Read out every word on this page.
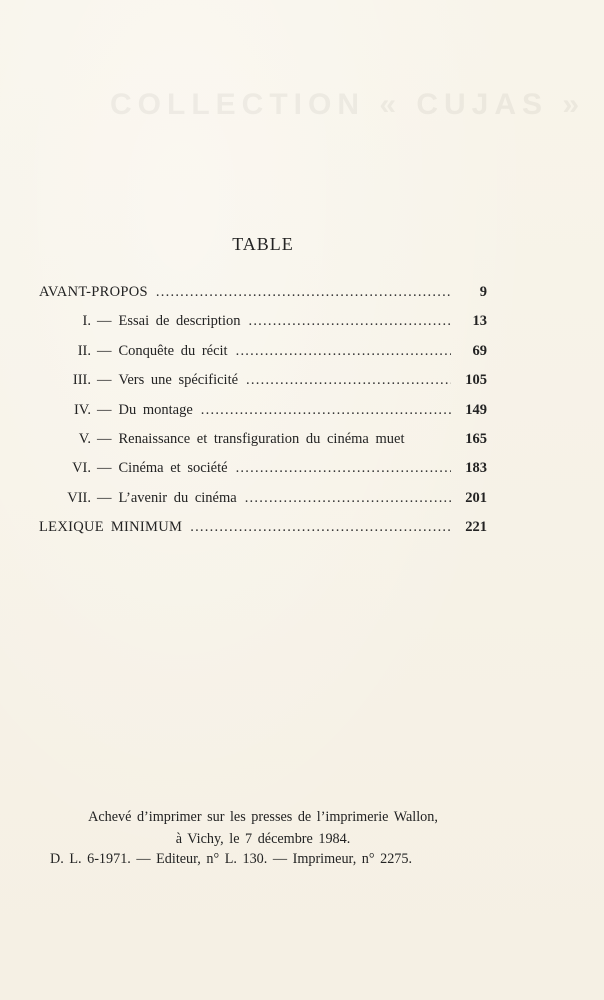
COLLECTION « CUJAS »
TABLE
AVANT-PROPOS . . .	9
I. — Essai de description . . .	13
II. — Conquête du récit . . .	69
III. — Vers une spécificité . . .	105
IV. — Du montage . . .	149
V. — Renaissance et transfiguration du cinéma muet	165
VI. — Cinéma et société . . .	183
VII. — L’avenir du cinéma . . .	201
LEXIQUE MINIMUM . . .	221
Achevé d’imprimer sur les presses de l’imprimerie Wallon,
à Vichy, le 7 décembre 1984.
D. L. 6-1971. — Editeur, n° L. 130. — Imprimeur, n° 2275.
